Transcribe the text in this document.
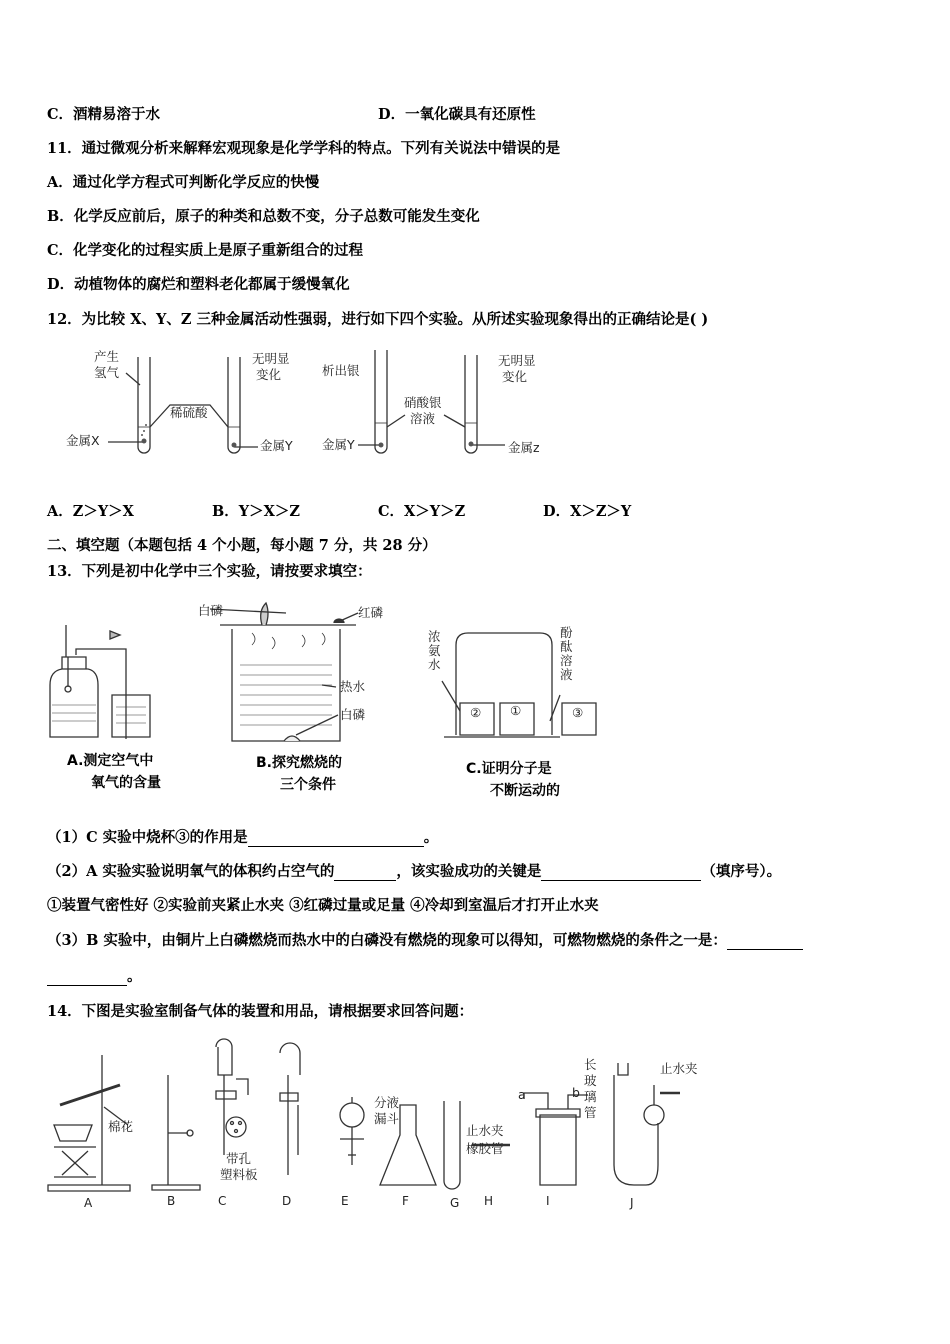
C．酒精易溶于水	D．一氧化碳具有还原性
11．通过微观分析来解释宏观现象是化学学科的特点。下列有关说法中错误的是
A．通过化学方程式可判断化学反应的快慢
B．化学反应前后，原子的种类和总数不变，分子总数可能发生变化
C．化学变化的过程实质上是原子重新组合的过程
D．动植物体的腐烂和塑料老化都属于缓慢氧化
12．为比较 X、Y、Z 三种金属活动性强弱，进行如下四个实验。从所述实验现象得出的正确结论是( )
产生
氢气
金属X
无明显
变化
稀硫酸
金属Y
析出银
金属Y
硝酸银
溶液
无明显
变化
金属z
A．Z＞Y＞X	B．Y＞X＞Z	C．X＞Y＞Z	D．X＞Z＞Y
二、填空题（本题包括 4 个小题，每小题 7 分，共 28 分）
13．下列是初中化学中三个实验，请按要求填空：
白磷	红磷
热水
白磷
浓
氨
水
酚
酞
溶
液
② ①	③
A.测定空气中
氧气的含量
B.探究燃烧的
三个条件
C.证明分子是
不断运动的
（1）C 实验中烧杯③的作用是	。
（2）A 实验实验说明氧气的体积约占空气的	，该实验成功的关键是	（填序号）。
①装置气密性好 ②实验前夹紧止水夹 ③红磷过量或足量 ④冷却到室温后才打开止水夹
（3）B 实验中，由铜片上白磷燃烧而热水中的白磷没有燃烧的现象可以得知，可燃物燃烧的条件之一是：
。
14．下图是实验室制备气体的装置和用品，请根据要求回答问题：
棉花
带孔
塑料板
分液
漏斗
止水夹
橡胶管
a	b
长
玻
璃
管
止水夹
A	B	C	D	E	F	G H	I	J
